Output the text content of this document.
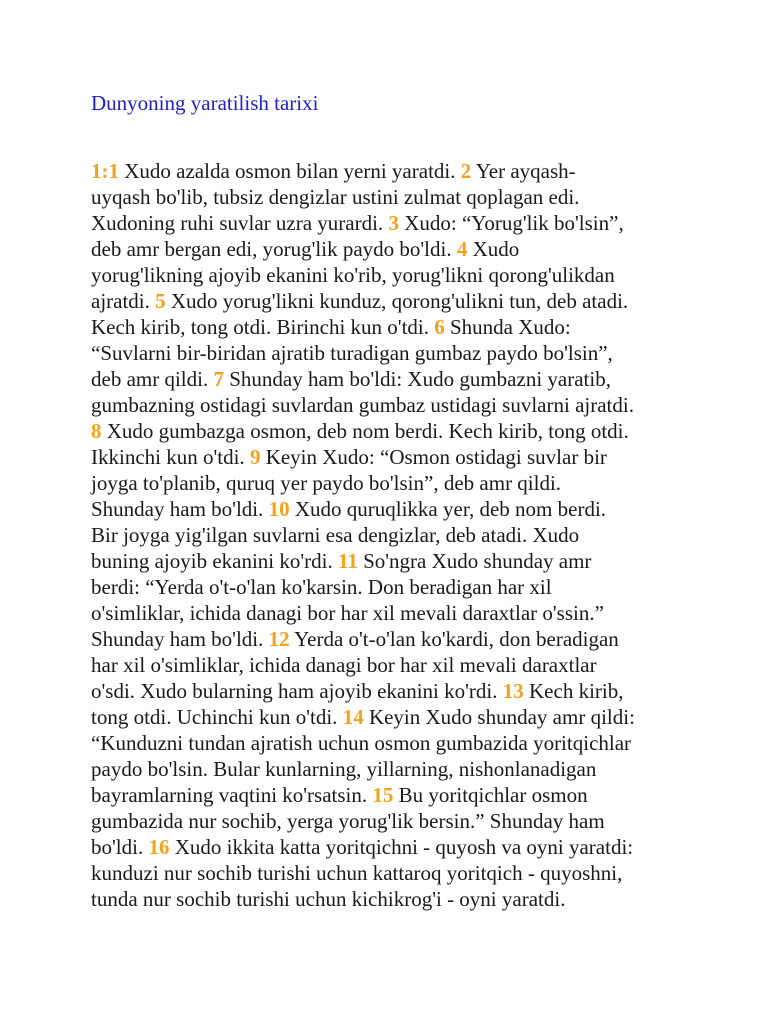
Dunyoning yaratilish tarixi

1:1 Xudo azalda osmon bilan yerni yaratdi. 2 Yer ayqash-
uyqash bo'lib, tubsiz dengizlar ustini zulmat qoplagan edi.
Xudoning ruhi suvlar uzra yurardi. 3 Xudo: “Yorug'lik bo'lsin”,
deb amr bergan edi, yorug'lik paydo bo'ldi. 4 Xudo
yorug'likning ajoyib ekanini ko'rib, yorug'likni qorong'ulikdan
ajratdi. 5 Xudo yorug'likni kunduz, qorong'ulikni tun, deb atadi.
Kech kirib, tong otdi. Birinchi kun o'tdi. 6 Shunda Xudo:
“Suvlarni bir-biridan ajratib turadigan gumbaz paydo bo'lsin”,
deb amr qildi. 7 Shunday ham bo'ldi: Xudo gumbazni yaratib,
gumbazning ostidagi suvlardan gumbaz ustidagi suvlarni ajratdi.
8 Xudo gumbazga osmon, deb nom berdi. Kech kirib, tong otdi.
Ikkinchi kun o'tdi. 9 Keyin Xudo: “Osmon ostidagi suvlar bir
joyga to'planib, quruq yer paydo bo'lsin”, deb amr qildi.
Shunday ham bo'ldi. 10 Xudo quruqlikka yer, deb nom berdi.
Bir joyga yig'ilgan suvlarni esa dengizlar, deb atadi. Xudo
buning ajoyib ekanini ko'rdi. 11 So'ngra Xudo shunday amr
berdi: “Yerda o't-o'lan ko'karsin. Don beradigan har xil
o'simliklar, ichida danagi bor har xil mevali daraxtlar o'ssin.”
Shunday ham bo'ldi. 12 Yerda o't-o'lan ko'kardi, don beradigan
har xil o'simliklar, ichida danagi bor har xil mevali daraxtlar
o'sdi. Xudo bularning ham ajoyib ekanini ko'rdi. 13 Kech kirib,
tong otdi. Uchinchi kun o'tdi. 14 Keyin Xudo shunday amr qildi:
“Kunduzni tundan ajratish uchun osmon gumbazida yoritqichlar
paydo bo'lsin. Bular kunlarning, yillarning, nishonlanadigan
bayramlarning vaqtini ko'rsatsin. 15 Bu yoritqichlar osmon
gumbazida nur sochib, yerga yorug'lik bersin.” Shunday ham
bo'ldi. 16 Xudo ikkita katta yoritqichni - quyosh va oyni yaratdi:
kunduzi nur sochib turishi uchun kattaroq yoritqich - quyoshni,
tunda nur sochib turishi uchun kichikrog'i - oyni yaratdi.
